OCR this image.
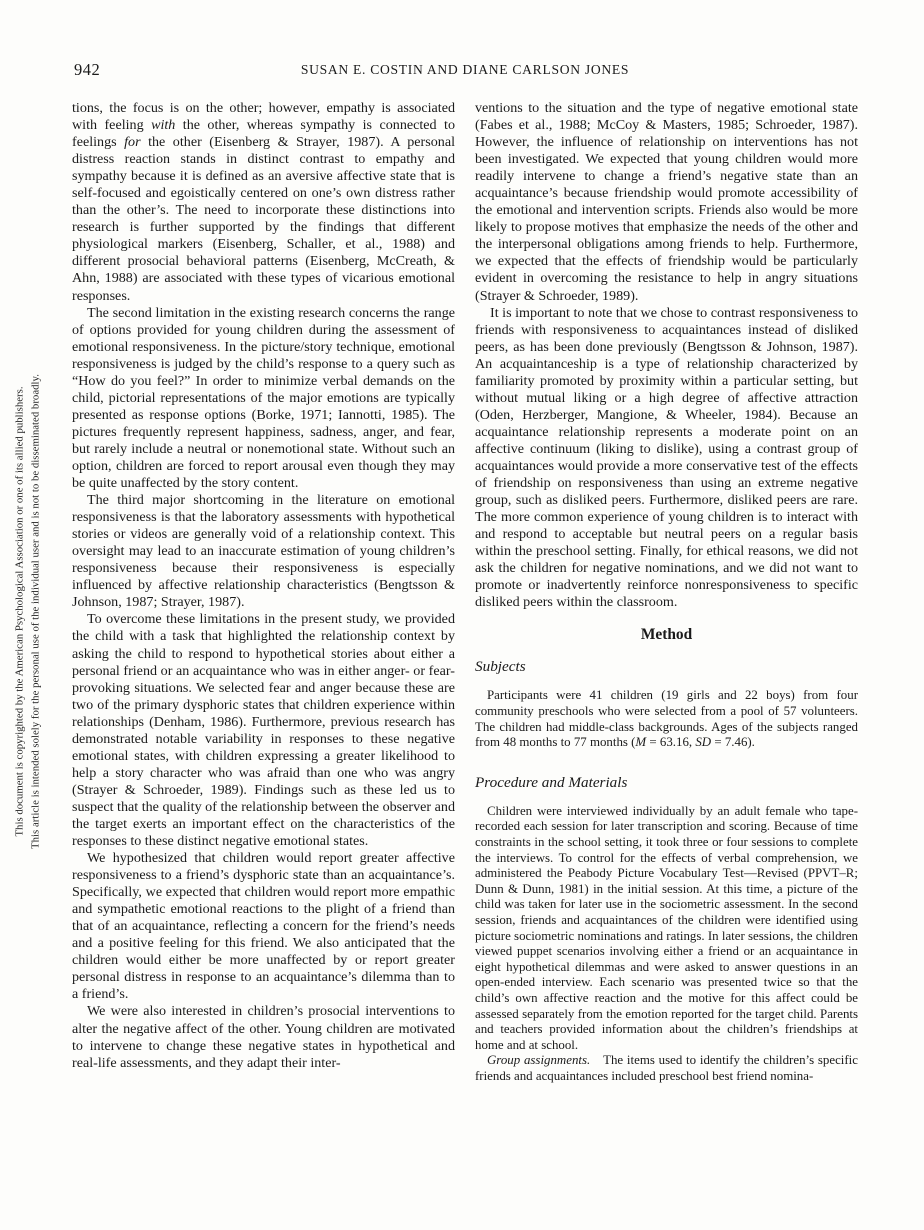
This document is copyrighted by the American Psychological Association or one of its allied publishers. This article is intended solely for the personal use of the individual user and is not to be disseminated broadly.
942	SUSAN E. COSTIN AND DIANE CARLSON JONES

tions, the focus is on the other; however, empathy is associated with feeling with the other, whereas sympathy is connected to feelings for the other (Eisenberg & Strayer, 1987). A personal distress reaction stands in distinct contrast to empathy and sympathy because it is defined as an aversive affective state that is self-focused and egoistically centered on one’s own distress rather than the other’s. The need to incorporate these distinctions into research is further supported by the findings that different physiological markers (Eisenberg, Schaller, et al., 1988) and different prosocial behavioral patterns (Eisenberg, McCreath, & Ahn, 1988) are associated with these types of vicarious emotional responses.

The second limitation in the existing research concerns the range of options provided for young children during the assessment of emotional responsiveness. In the picture/story technique, emotional responsiveness is judged by the child’s response to a query such as “How do you feel?” In order to minimize verbal demands on the child, pictorial representations of the major emotions are typically presented as response options (Borke, 1971; Iannotti, 1985). The pictures frequently represent happiness, sadness, anger, and fear, but rarely include a neutral or nonemotional state. Without such an option, children are forced to report arousal even though they may be quite unaffected by the story content.

The third major shortcoming in the literature on emotional responsiveness is that the laboratory assessments with hypothetical stories or videos are generally void of a relationship context. This oversight may lead to an inaccurate estimation of young children’s responsiveness because their responsiveness is especially influenced by affective relationship characteristics (Bengtsson & Johnson, 1987; Strayer, 1987).

To overcome these limitations in the present study, we provided the child with a task that highlighted the relationship context by asking the child to respond to hypothetical stories about either a personal friend or an acquaintance who was in either anger- or fear-provoking situations. We selected fear and anger because these are two of the primary dysphoric states that children experience within relationships (Denham, 1986). Furthermore, previous research has demonstrated notable variability in responses to these negative emotional states, with children expressing a greater likelihood to help a story character who was afraid than one who was angry (Strayer & Schroeder, 1989). Findings such as these led us to suspect that the quality of the relationship between the observer and the target exerts an important effect on the characteristics of the responses to these distinct negative emotional states.

We hypothesized that children would report greater affective responsiveness to a friend’s dysphoric state than an acquaintance’s. Specifically, we expected that children would report more empathic and sympathetic emotional reactions to the plight of a friend than that of an acquaintance, reflecting a concern for the friend’s needs and a positive feeling for this friend. We also anticipated that the children would either be more unaffected by or report greater personal distress in response to an acquaintance’s dilemma than to a friend’s.

We were also interested in children’s prosocial interventions to alter the negative affect of the other. Young children are motivated to intervene to change these negative states in hypothetical and real-life assessments, and they adapt their inter-

ventions to the situation and the type of negative emotional state (Fabes et al., 1988; McCoy & Masters, 1985; Schroeder, 1987). However, the influence of relationship on interventions has not been investigated. We expected that young children would more readily intervene to change a friend’s negative state than an acquaintance’s because friendship would promote accessibility of the emotional and intervention scripts. Friends also would be more likely to propose motives that emphasize the needs of the other and the interpersonal obligations among friends to help. Furthermore, we expected that the effects of friendship would be particularly evident in overcoming the resistance to help in angry situations (Strayer & Schroeder, 1989).

It is important to note that we chose to contrast responsiveness to friends with responsiveness to acquaintances instead of disliked peers, as has been done previously (Bengtsson & Johnson, 1987). An acquaintanceship is a type of relationship characterized by familiarity promoted by proximity within a particular setting, but without mutual liking or a high degree of affective attraction (Oden, Herzberger, Mangione, & Wheeler, 1984). Because an acquaintance relationship represents a moderate point on an affective continuum (liking to dislike), using a contrast group of acquaintances would provide a more conservative test of the effects of friendship on responsiveness than using an extreme negative group, such as disliked peers. Furthermore, disliked peers are rare. The more common experience of young children is to interact with and respond to acceptable but neutral peers on a regular basis within the preschool setting. Finally, for ethical reasons, we did not ask the children for negative nominations, and we did not want to promote or inadvertently reinforce nonresponsiveness to specific disliked peers within the classroom.

Method
Subjects

Participants were 41 children (19 girls and 22 boys) from four community preschools who were selected from a pool of 57 volunteers. The children had middle-class backgrounds. Ages of the subjects ranged from 48 months to 77 months (M = 63.16, SD = 7.46).

Procedure and Materials

Children were interviewed individually by an adult female who tape-recorded each session for later transcription and scoring. Because of time constraints in the school setting, it took three or four sessions to complete the interviews. To control for the effects of verbal comprehension, we administered the Peabody Picture Vocabulary Test—Revised (PPVT–R; Dunn & Dunn, 1981) in the initial session. At this time, a picture of the child was taken for later use in the sociometric assessment. In the second session, friends and acquaintances of the children were identified using picture sociometric nominations and ratings. In later sessions, the children viewed puppet scenarios involving either a friend or an acquaintance in eight hypothetical dilemmas and were asked to answer questions in an open-ended interview. Each scenario was presented twice so that the child’s own affective reaction and the motive for this affect could be assessed separately from the emotion reported for the target child. Parents and teachers provided information about the children’s friendships at home and at school.

Group assignments. The items used to identify the children’s specific friends and acquaintances included preschool best friend nomina-
